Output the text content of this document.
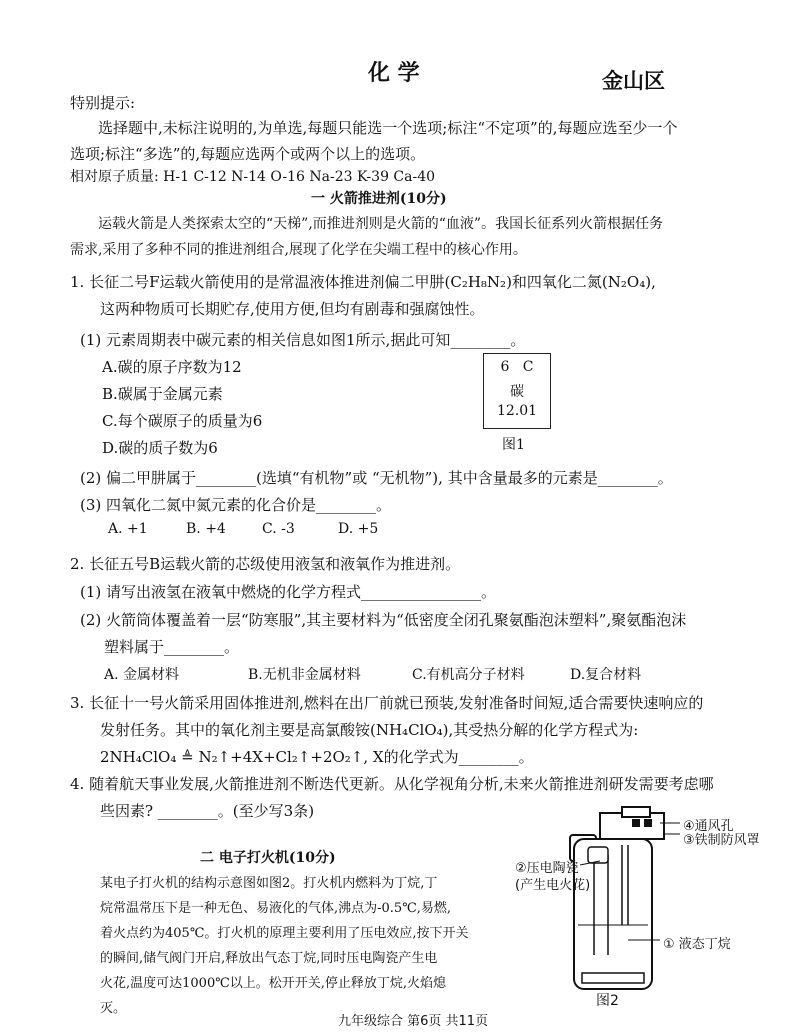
化 学	金山区
特别提示:
选择题中,未标注说明的,为单选,每题只能选一个选项;标注“不定项”的,每题应选至少一个
选项;标注“多选”的,每题应选两个或两个以上的选项。
相对原子质量: H-1 C-12 N-14 O-16 Na-23 K-39 Ca-40
一 火箭推进剂(10分)
运载火箭是人类探索太空的“天梯”,而推进剂则是火箭的“血液”。我国长征系列火箭根据任务
需求,采用了多种不同的推进剂组合,展现了化学在尖端工程中的核心作用。
1. 长征二号F运载火箭使用的是常温液体推进剂偏二甲肼(C₂H₈N₂)和四氧化二氮(N₂O₄),
这两种物质可长期贮存,使用方便,但均有剧毒和强腐蚀性。
(1) 元素周期表中碳元素的相关信息如图1所示,据此可知________。
A.碳的原子序数为12
B.碳属于金属元素
C.每个碳原子的质量为6
D.碳的质子数为6
6 C
碳
12.01
图1
(2) 偏二甲肼属于________(选填“有机物”或 “无机物”), 其中含量最多的元素是________。
(3) 四氧化二氮中氮元素的化合价是________。
A. +1	B. +4	C. -3	D. +5
2. 长征五号B运载火箭的芯级使用液氢和液氧作为推进剂。
(1) 请写出液氢在液氧中燃烧的化学方程式________________。
(2) 火箭筒体覆盖着一层“防寒服”,其主要材料为“低密度全闭孔聚氨酯泡沫塑料”,聚氨酯泡沫
塑料属于________。
A. 金属材料	B.无机非金属材料	C.有机高分子材料	D.复合材料
3. 长征十一号火箭采用固体推进剂,燃料在出厂前就已预装,发射准备时间短,适合需要快速响应的
发射任务。其中的氧化剂主要是高氯酸铵(NH₄ClO₄),其受热分解的化学方程式为:
2NH₄ClO₄ ≜ N₂↑+4X+Cl₂↑+2O₂↑, X的化学式为________。
4. 随着航天事业发展,火箭推进剂不断迭代更新。从化学视角分析,未来火箭推进剂研发需要考虑哪
些因素? ________。(至少写3条)
二 电子打火机(10分)
某电子打火机的结构示意图如图2。打火机内燃料为丁烷,丁
烷常温常压下是一种无色、易液化的气体,沸点为-0.5℃,易燃,
着火点约为405℃。打火机的原理主要利用了压电效应,按下开关
的瞬间,储气阀门开启,释放出气态丁烷,同时压电陶瓷产生电
火花,温度可达1000℃以上。松开开关,停止释放丁烷,火焰熄
灭。
④通风孔
③铁制防风罩
②压电陶瓷
(产生电火花)
① 液态丁烷
图2
九年级综合 第6页 共11页
